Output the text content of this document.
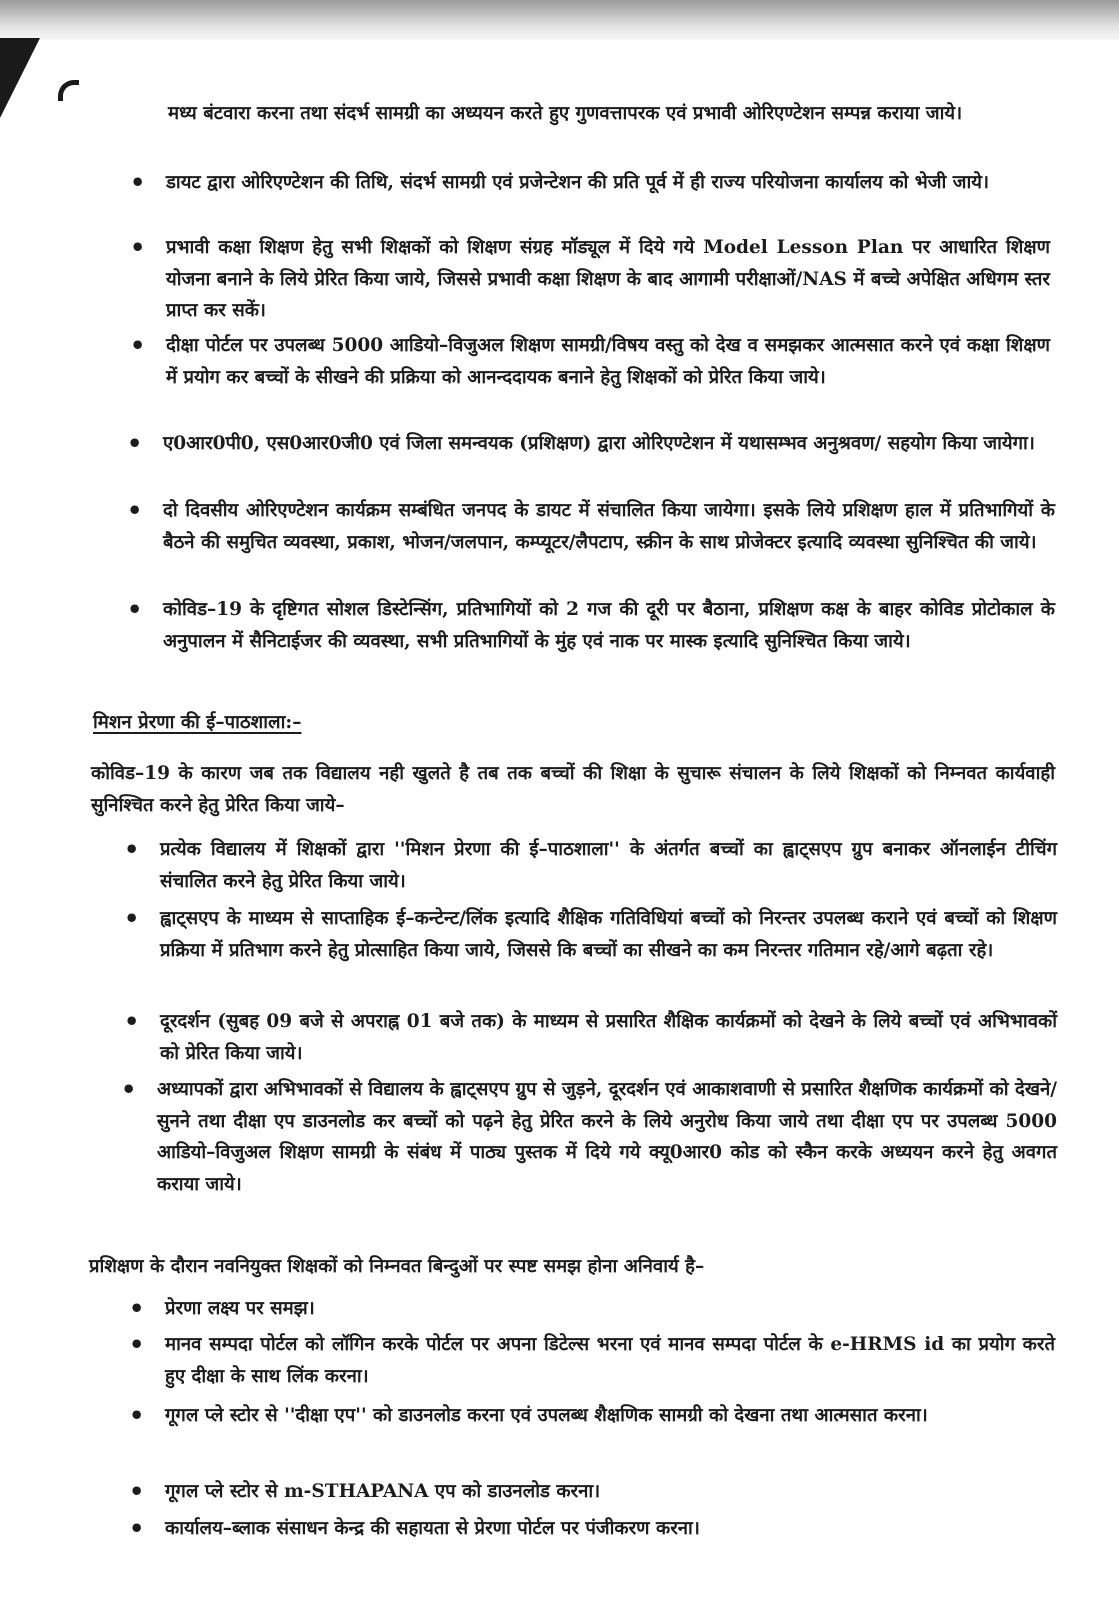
मध्य बंटवारा करना तथा संदर्भ सामग्री का अध्ययन करते हुए गुणवत्तापरक एवं प्रभावी ओरिएण्टेशन सम्पन्न कराया जाये।
• डायट द्वारा ओरिएण्टेशन की तिथि, संदर्भ सामग्री एवं प्रजेन्टेशन की प्रति पूर्व में ही राज्य परियोजना कार्यालय को भेजी जाये।
• प्रभावी कक्षा शिक्षण हेतु सभी शिक्षकों को शिक्षण संग्रह मॉड्यूल में दिये गये Model Lesson Plan पर आधारित शिक्षण योजना बनाने के लिये प्रेरित किया जाये, जिससे प्रभावी कक्षा शिक्षण के बाद आगामी परीक्षाओं/NAS में बच्चे अपेक्षित अधिगम स्तर प्राप्त कर सकें।
• दीक्षा पोर्टल पर उपलब्ध 5000 आडियो–विजुअल शिक्षण सामग्री/विषय वस्तु को देख व समझकर आत्मसात करने एवं कक्षा शिक्षण में प्रयोग कर बच्चों के सीखने की प्रक्रिया को आनन्ददायक बनाने हेतु शिक्षकों को प्रेरित किया जाये।
• ए0आर0पी0, एस0आर0जी0 एवं जिला समन्वयक (प्रशिक्षण) द्वारा ओरिएण्टेशन में यथासम्भव अनुश्रवण/ सहयोग किया जायेगा।
• दो दिवसीय ओरिएण्टेशन कार्यक्रम सम्बंधित जनपद के डायट में संचालित किया जायेगा। इसके लिये प्रशिक्षण हाल में प्रतिभागियों के बैठने की समुचित व्यवस्था, प्रकाश, भोजन/जलपान, कम्प्यूटर/लैपटाप, स्क्रीन के साथ प्रोजेक्टर इत्यादि व्यवस्था सुनिश्चित की जाये।
• कोविड–19 के दृष्टिगत सोशल डिस्टेन्सिंग, प्रतिभागियों को 2 गज की दूरी पर बैठाना, प्रशिक्षण कक्ष के बाहर कोविड प्रोटोकाल के अनुपालन में सैनिटाईजर की व्यवस्था, सभी प्रतिभागियों के मुंह एवं नाक पर मास्क इत्यादि सुनिश्चित किया जाये।
मिशन प्रेरणा की ई–पाठशाला:–
कोविड–19 के कारण जब तक विद्यालय नही खुलते है तब तक बच्चों की शिक्षा के सुचारू संचालन के लिये शिक्षकों को निम्नवत कार्यवाही सुनिश्चित करने हेतु प्रेरित किया जाये–
• प्रत्येक विद्यालय में शिक्षकों द्वारा ''मिशन प्रेरणा की ई–पाठशाला'' के अंतर्गत बच्चों का ह्वाट्सएप ग्रुप बनाकर ऑनलाईन टीचिंग संचालित करने हेतु प्रेरित किया जाये।
• ह्वाट्सएप के माध्यम से साप्ताहिक ई–कन्टेन्ट/लिंक इत्यादि शैक्षिक गतिविधियां बच्चों को निरन्तर उपलब्ध कराने एवं बच्चों को शिक्षण प्रक्रिया में प्रतिभाग करने हेतु प्रोत्साहित किया जाये, जिससे कि बच्चों का सीखने का कम निरन्तर गतिमान रहे/आगे बढ़ता रहे।
• दूरदर्शन (सुबह 09 बजे से अपराह्न 01 बजे तक) के माध्यम से प्रसारित शैक्षिक कार्यक्रमों को देखने के लिये बच्चों एवं अभिभावकों को प्रेरित किया जाये।
• अध्यापकों द्वारा अभिभावकों से विद्यालय के ह्वाट्सएप ग्रुप से जुड़ने, दूरदर्शन एवं आकाशवाणी से प्रसारित शैक्षणिक कार्यक्रमों को देखने/सुनने तथा दीक्षा एप डाउनलोड कर बच्चों को पढ़ने हेतु प्रेरित करने के लिये अनुरोध किया जाये तथा दीक्षा एप पर उपलब्ध 5000 आडियो–विजुअल शिक्षण सामग्री के संबंध में पाठ्य पुस्तक में दिये गये क्यू0आर0 कोड को स्कैन करके अध्ययन करने हेतु अवगत कराया जाये।
प्रशिक्षण के दौरान नवनियुक्त शिक्षकों को निम्नवत बिन्दुओं पर स्पष्ट समझ होना अनिवार्य है–
• प्रेरणा लक्ष्य पर समझ।
• मानव सम्पदा पोर्टल को लॉगिन करके पोर्टल पर अपना डिटेल्स भरना एवं मानव सम्पदा पोर्टल के e-HRMS id का प्रयोग करते हुए दीक्षा के साथ लिंक करना।
• गूगल प्ले स्टोर से ''दीक्षा एप'' को डाउनलोड करना एवं उपलब्ध शैक्षणिक सामग्री को देखना तथा आत्मसात करना।
• गूगल प्ले स्टोर से m-STHAPANA एप को डाउनलोड करना।
• कार्यालय–ब्लाक संसाधन केन्द्र की सहायता से प्रेरणा पोर्टल पर पंजीकरण करना।
